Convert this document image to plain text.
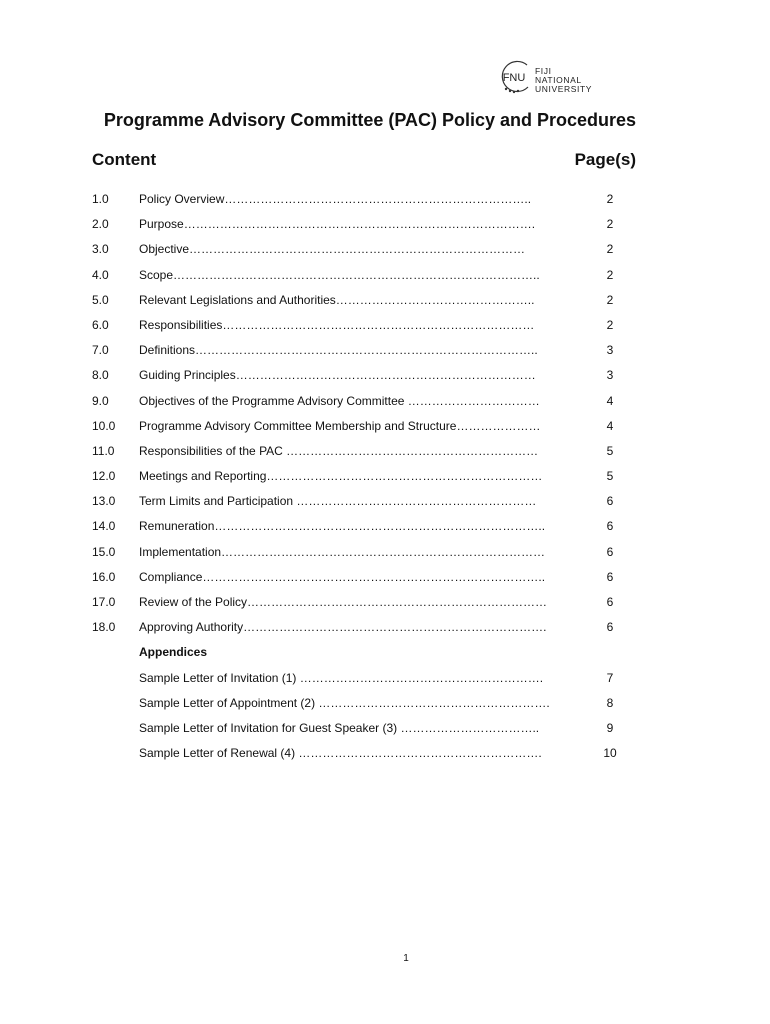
FNU
FIJI NATIONAL
UNIVERSITY
Programme Advisory Committee (PAC) Policy and Procedures
Content	Page(s)
1.0	Policy Overview…………………………………………………………………..	2
2.0	Purpose…………………………………………………………………………….	2
3.0	Objective…………………………………………………………………………	2
4.0	Scope………………………………………………………………………………..	2
5.0	Relevant Legislations and Authorities…………………………………………..	2
6.0	Responsibilities……………………………………………………………………	2
7.0	Definitions…………………………………………………………………………..	3
8.0	Guiding Principles…………………………………………………………………	3
9.0	Objectives of the Programme Advisory Committee ……………………………	4
10.0 Programme Advisory Committee Membership and Structure…………………	4
11.0 Responsibilities of the PAC ………………………………………………………	5
12.0 Meetings and Reporting……………………………………………………………	5
13.0 Term Limits and Participation ……………………………………………………	6
14.0 Remuneration………………………………………………………………………..	6
15.0 Implementation………………………………………………………………………	6
16.0 Compliance…………………………………………………………………………..	6
17.0 Review of the Policy…………………………………………………………………	6
18.0 Approving Authority………………………………………………………………….	6
Appendices
Sample Letter of Invitation (1) …………………………………………………….	7
Sample Letter of Appointment (2) ………………………………………………….	8
Sample Letter of Invitation for Guest Speaker (3) ……………………………..	9
Sample Letter of Renewal (4) …………………………………………………….	10
1
